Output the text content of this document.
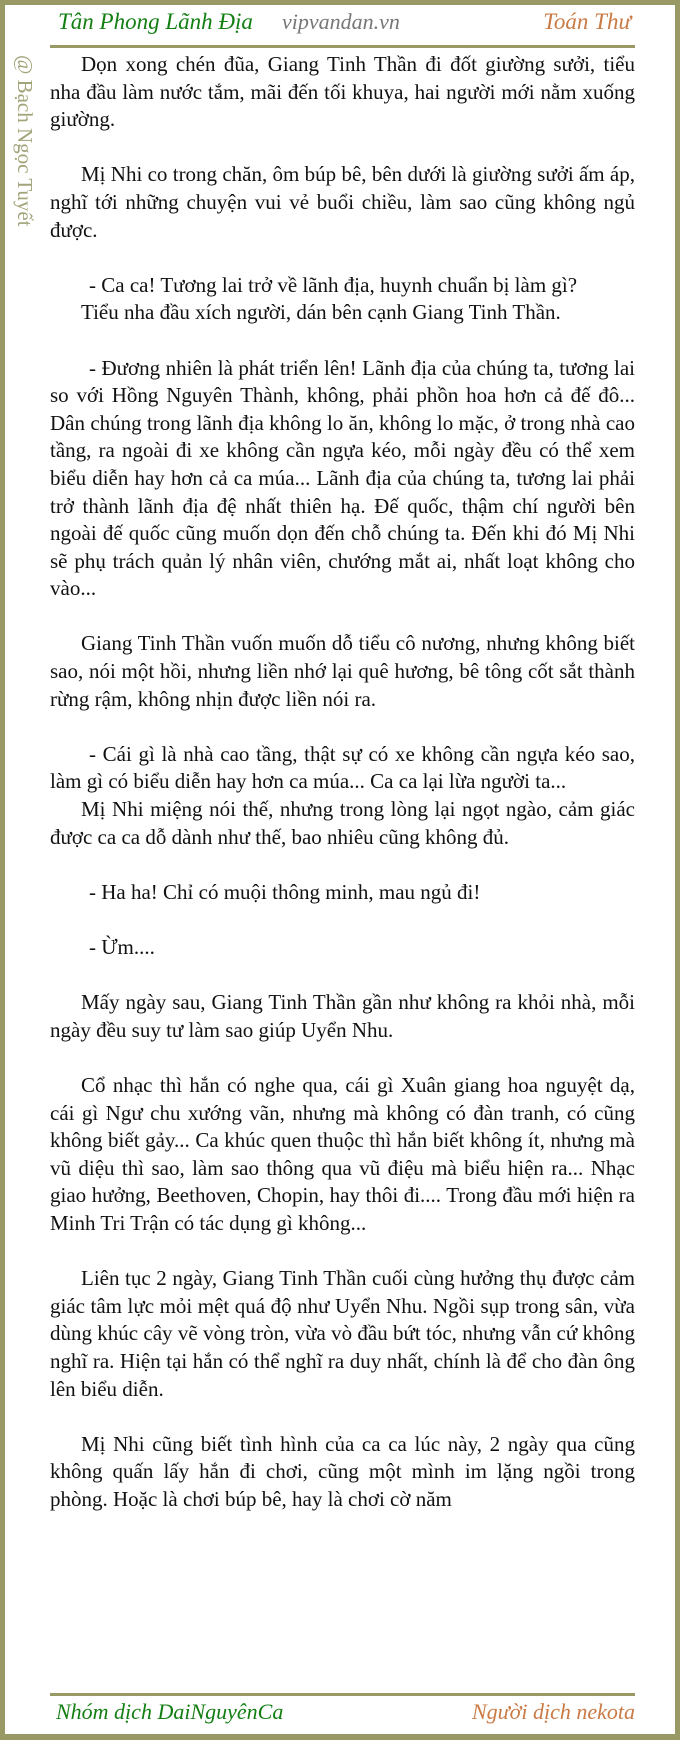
Tân Phong Lãnh Địa vipvandan.vn	Toán Thư
@ Bạch Ngọc Tuyết	Dọn xong chén đũa, Giang Tinh Thần đi đốt giường sưởi, tiểu nha đầu làm nước tắm, mãi đến tối khuya, hai người mới nằm xuống giường.

Mị Nhi co trong chăn, ôm búp bê, bên dưới là giường sưởi ấm áp, nghĩ tới những chuyện vui vẻ buổi chiều, làm sao cũng không ngủ được.

- Ca ca! Tương lai trở về lãnh địa, huynh chuẩn bị làm gì?

Tiểu nha đầu xích người, dán bên cạnh Giang Tinh Thần.

- Đương nhiên là phát triển lên! Lãnh địa của chúng ta, tương lai so với Hồng Nguyên Thành, không, phải phồn hoa hơn cả đế đô... Dân chúng trong lãnh địa không lo ăn, không lo mặc, ở trong nhà cao tầng, ra ngoài đi xe không cần ngựa kéo, mỗi ngày đều có thể xem biểu diễn hay hơn cả ca múa... Lãnh địa của chúng ta, tương lai phải trở thành lãnh địa đệ nhất thiên hạ. Đế quốc, thậm chí người bên ngoài đế quốc cũng muốn dọn đến chỗ chúng ta. Đến khi đó Mị Nhi sẽ phụ trách quản lý nhân viên, chướng mắt ai, nhất loạt không cho vào...

Giang Tinh Thần vuốn muốn dỗ tiểu cô nương, nhưng không biết sao, nói một hồi, nhưng liền nhớ lại quê hương, bê tông cốt sắt thành rừng rậm, không nhịn được liền nói ra.

- Cái gì là nhà cao tầng, thật sự có xe không cần ngựa kéo sao, làm gì có biểu diễn hay hơn ca múa... Ca ca lại lừa người ta...

Mị Nhi miệng nói thế, nhưng trong lòng lại ngọt ngào, cảm giác được ca ca dỗ dành như thế, bao nhiêu cũng không đủ.

- Ha ha! Chỉ có muội thông minh, mau ngủ đi!

- Ừm....

Mấy ngày sau, Giang Tinh Thần gần như không ra khỏi nhà, mỗi ngày đều suy tư làm sao giúp Uyển Nhu.

Cổ nhạc thì hắn có nghe qua, cái gì Xuân giang hoa nguyệt dạ, cái gì Ngư chu xướng vãn, nhưng mà không có đàn tranh, có cũng không biết gảy... Ca khúc quen thuộc thì hắn biết không ít, nhưng mà vũ diệu thì sao, làm sao thông qua vũ điệu mà biểu hiện ra... Nhạc giao hưởng, Beethoven, Chopin, hay thôi đi.... Trong đầu mới hiện ra Minh Tri Trận có tác dụng gì không...

Liên tục 2 ngày, Giang Tinh Thần cuối cùng hưởng thụ được cảm giác tâm lực mỏi mệt quá độ như Uyển Nhu. Ngồi sụp trong sân, vừa dùng khúc cây vẽ vòng tròn, vừa vò đầu bứt tóc, nhưng vẫn cứ không nghĩ ra. Hiện tại hắn có thể nghĩ ra duy nhất, chính là để cho đàn ông lên biểu diễn.

Mị Nhi cũng biết tình hình của ca ca lúc này, 2 ngày qua cũng không quấn lấy hắn đi chơi, cũng một mình im lặng ngồi trong phòng. Hoặc là chơi búp bê, hay là chơi cờ năm

Nhóm dịch DaiNguyênCa	Người dịch nekota
